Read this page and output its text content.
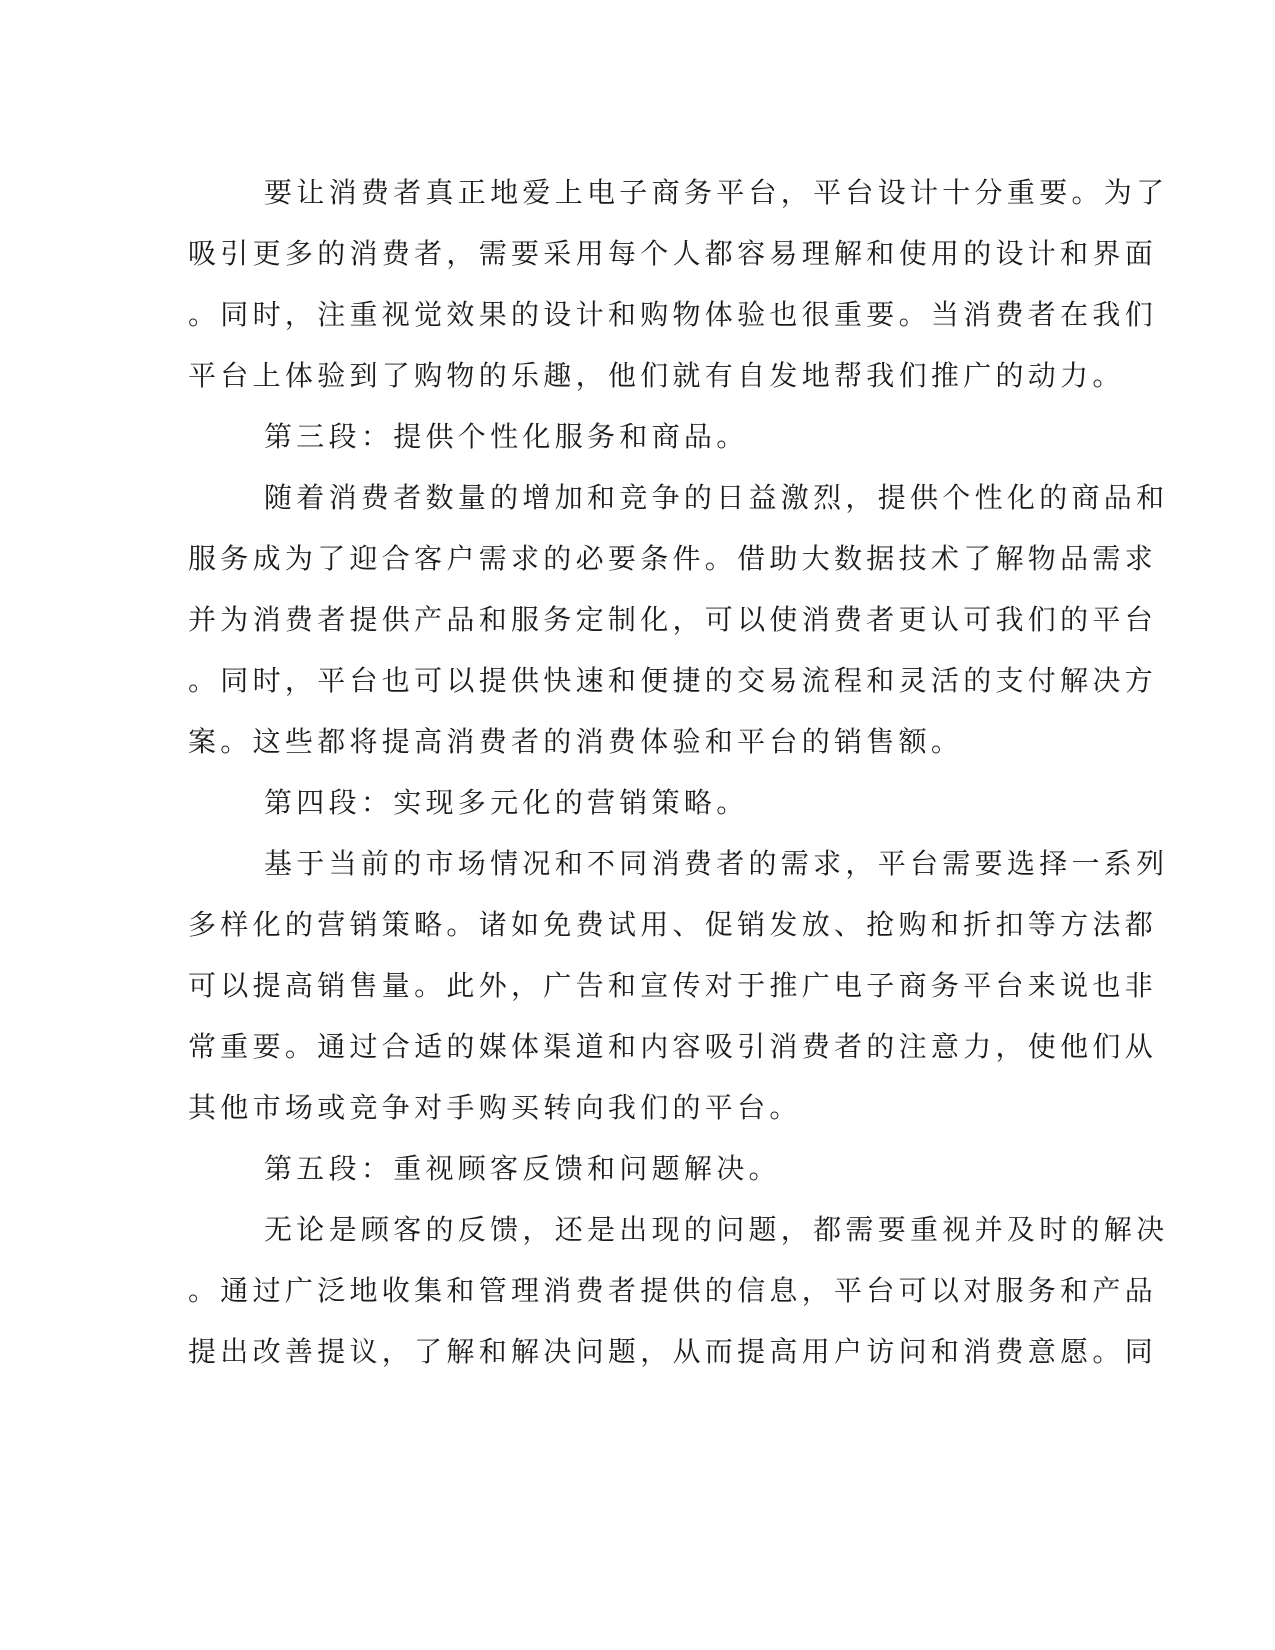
要让消费者真正地爱上电子商务平台，平台设计十分重要。为了
吸引更多的消费者，需要采用每个人都容易理解和使用的设计和界面
。同时，注重视觉效果的设计和购物体验也很重要。当消费者在我们
平台上体验到了购物的乐趣，他们就有自发地帮我们推广的动力。
第三段：提供个性化服务和商品。
随着消费者数量的增加和竞争的日益激烈，提供个性化的商品和
服务成为了迎合客户需求的必要条件。借助大数据技术了解物品需求
并为消费者提供产品和服务定制化，可以使消费者更认可我们的平台
。同时，平台也可以提供快速和便捷的交易流程和灵活的支付解决方
案。这些都将提高消费者的消费体验和平台的销售额。
第四段：实现多元化的营销策略。
基于当前的市场情况和不同消费者的需求，平台需要选择一系列
多样化的营销策略。诸如免费试用、促销发放、抢购和折扣等方法都
可以提高销售量。此外，广告和宣传对于推广电子商务平台来说也非
常重要。通过合适的媒体渠道和内容吸引消费者的注意力，使他们从
其他市场或竞争对手购买转向我们的平台。
第五段：重视顾客反馈和问题解决。
无论是顾客的反馈，还是出现的问题，都需要重视并及时的解决
。通过广泛地收集和管理消费者提供的信息，平台可以对服务和产品
提出改善提议，了解和解决问题，从而提高用户访问和消费意愿。同
